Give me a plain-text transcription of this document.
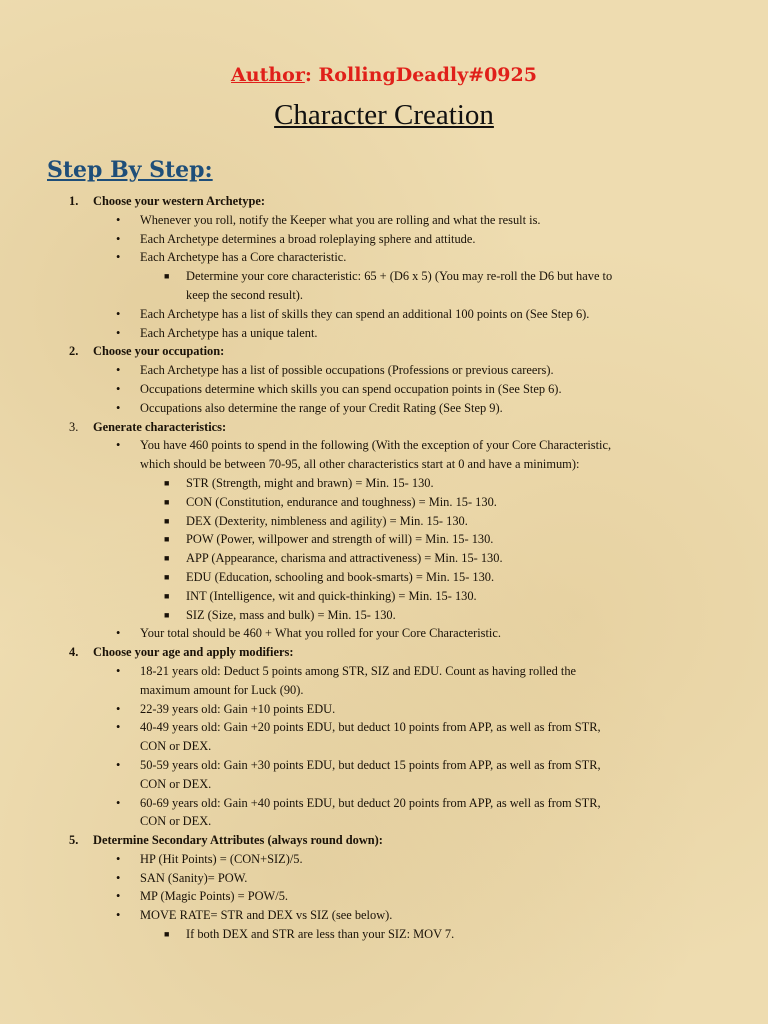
Author: RollingDeadly#0925
Character Creation
Step By Step:
1. Choose your western Archetype:
• Whenever you roll, notify the Keeper what you are rolling and what the result is.
• Each Archetype determines a broad roleplaying sphere and attitude.
• Each Archetype has a Core characteristic.
■ Determine your core characteristic: 65 + (D6 x 5) (You may re-roll the D6 but have to
keep the second result).
• Each Archetype has a list of skills they can spend an additional 100 points on (See Step 6).
• Each Archetype has a unique talent.
2. Choose your occupation:
• Each Archetype has a list of possible occupations (Professions or previous careers).
• Occupations determine which skills you can spend occupation points in (See Step 6).
• Occupations also determine the range of your Credit Rating (See Step 9).
3. Generate characteristics:
• You have 460 points to spend in the following (With the exception of your Core Characteristic,
which should be between 70-95, all other characteristics start at 0 and have a minimum):
■ STR (Strength, might and brawn) = Min. 15- 130.
■ CON (Constitution, endurance and toughness) = Min. 15- 130.
■ DEX (Dexterity, nimbleness and agility) = Min. 15- 130.
■ POW (Power, willpower and strength of will) = Min. 15- 130.
■ APP (Appearance, charisma and attractiveness) = Min. 15- 130.
■ EDU (Education, schooling and book-smarts) = Min. 15- 130.
■ INT (Intelligence, wit and quick-thinking) = Min. 15- 130.
■ SIZ (Size, mass and bulk) = Min. 15- 130.
• Your total should be 460 + What you rolled for your Core Characteristic.
4. Choose your age and apply modifiers:
• 18-21 years old: Deduct 5 points among STR, SIZ and EDU. Count as having rolled the
maximum amount for Luck (90).
• 22-39 years old: Gain +10 points EDU.
• 40-49 years old: Gain +20 points EDU, but deduct 10 points from APP, as well as from STR,
CON or DEX.
• 50-59 years old: Gain +30 points EDU, but deduct 15 points from APP, as well as from STR,
CON or DEX.
• 60-69 years old: Gain +40 points EDU, but deduct 20 points from APP, as well as from STR,
CON or DEX.
5. Determine Secondary Attributes (always round down):
• HP (Hit Points) = (CON+SIZ)/5.
• SAN (Sanity)= POW.
• MP (Magic Points) = POW/5.
• MOVE RATE= STR and DEX vs SIZ (see below).
■ If both DEX and STR are less than your SIZ: MOV 7.
